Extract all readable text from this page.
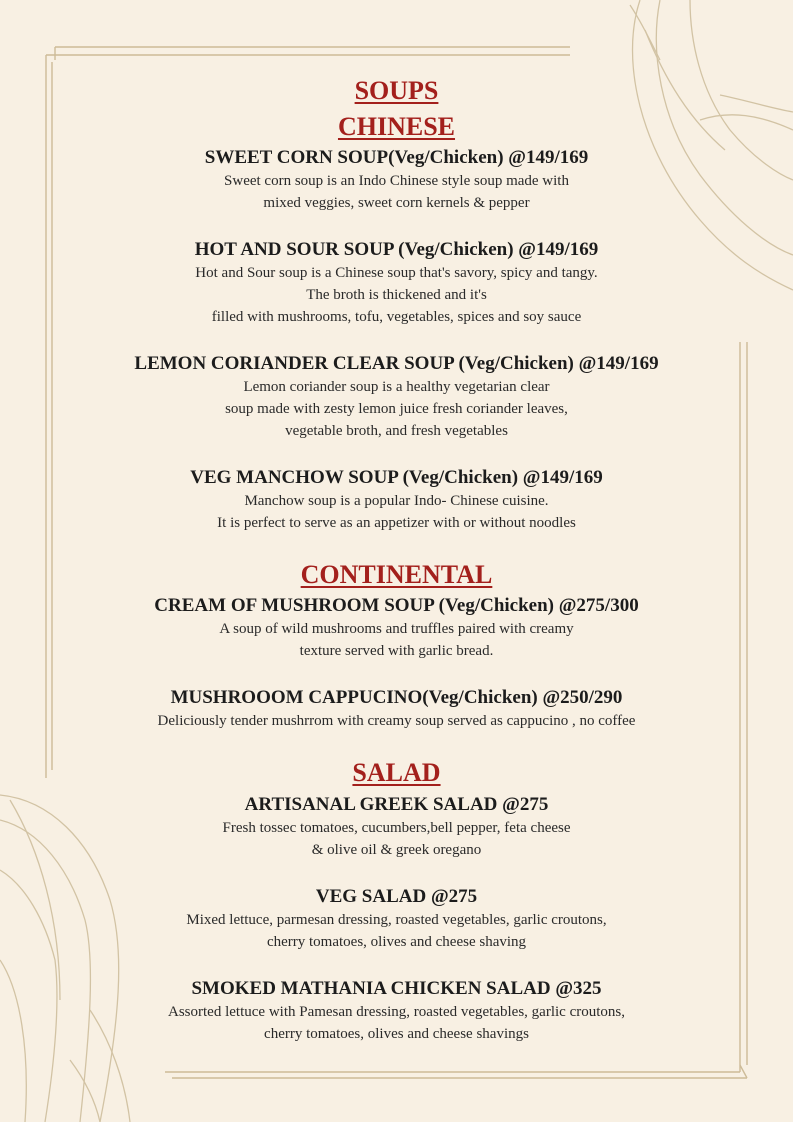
SOUPS
CHINESE
SWEET CORN SOUP(Veg/Chicken) @149/169

Sweet corn soup is an Indo Chinese style soup made with
mixed veggies, sweet corn kernels & pepper

HOT AND SOUR SOUP (Veg/Chicken) @149/169

Hot and Sour soup is a Chinese soup that's savory, spicy and tangy.
The broth is thickened and it's
filled with mushrooms, tofu, vegetables, spices and soy sauce

LEMON CORIANDER CLEAR SOUP (Veg/Chicken) @149/169

Lemon coriander soup is a healthy vegetarian clear
soup made with zesty lemon juice fresh coriander leaves,
vegetable broth, and fresh vegetables

VEG MANCHOW SOUP (Veg/Chicken) @149/169

Manchow soup is a popular Indo- Chinese cuisine.
It is perfect to serve as an appetizer with or without noodles

CONTINENTAL
CREAM OF MUSHROOM SOUP (Veg/Chicken) @275/300

A soup of wild mushrooms and truffles paired with creamy
texture served with garlic bread.

MUSHROOOM CAPPUCINO(Veg/Chicken) @250/290

Deliciously tender mushrrom with creamy soup served as cappucino , no coffee

SALAD
ARTISANAL GREEK SALAD @275

Fresh tossec tomatoes, cucumbers,bell pepper, feta cheese
& olive oil & greek oregano

VEG SALAD @275

Mixed lettuce, parmesan dressing, roasted vegetables, garlic croutons,
cherry tomatoes, olives and cheese shaving

SMOKED MATHANIA CHICKEN SALAD @325

Assorted lettuce with Pamesan dressing, roasted vegetables, garlic croutons,
cherry tomatoes, olives and cheese shavings
